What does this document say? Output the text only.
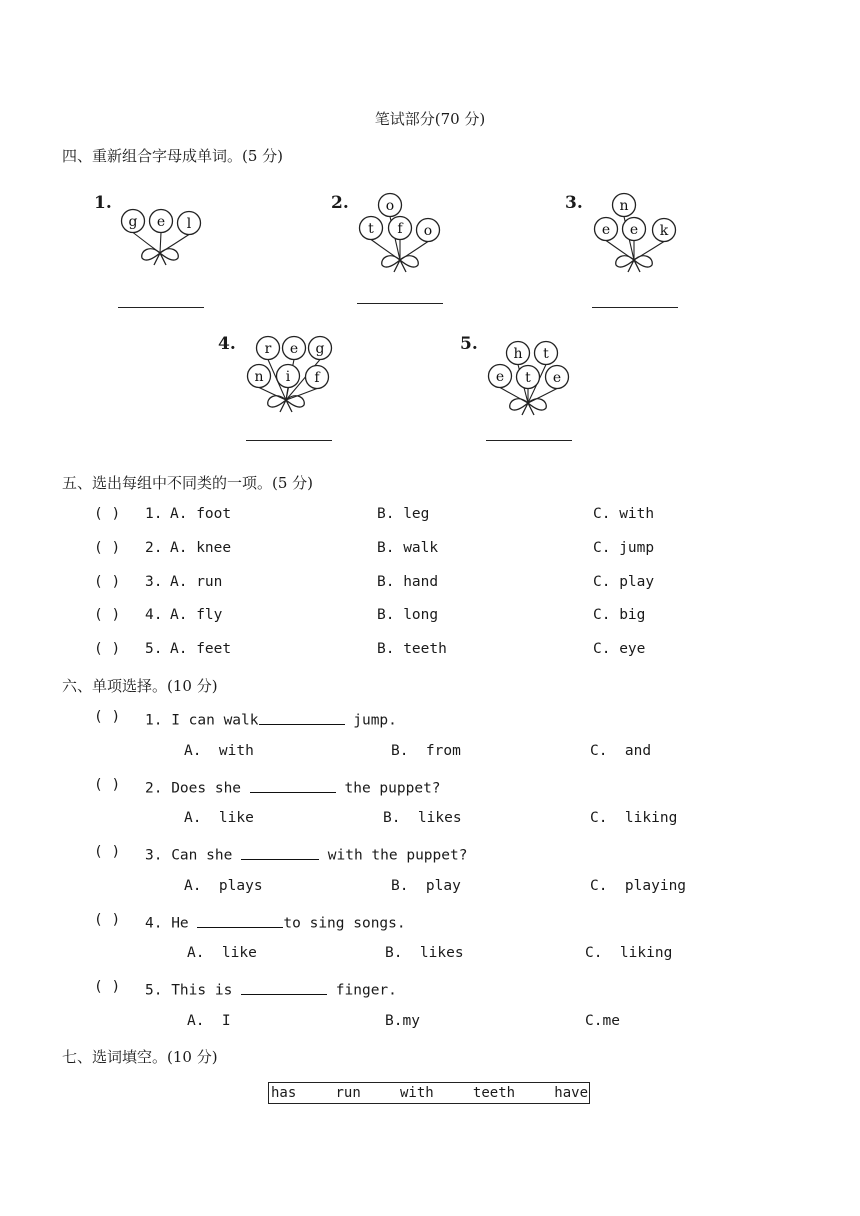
笔试部分(70 分)
四、重新组合字母成单词。(5 分)
1.	2.	3.
4.	5.
g e l
o
t f o
n
e e k
r e g
n i f
h t
e t e
五、选出每组中不同类的一项。(5 分)
( ) 1. A. foot	B. leg	C. with
( ) 2. A. knee	B. walk	C. jump
( ) 3. A. run	B. hand	C. play
( ) 4. A. fly	B. long	C. big
( ) 5. A. feet	B. teeth	C. eye
六、单项选择。(10 分)
( ) 1. I can walk	jump.
A.  with	B.  from	C.  and
( ) 2. Does she	the puppet?
A.  like	B.  likes	C.  liking
( ) 3. Can she	with the puppet?
A.  plays	B.  play	C.  playing
( ) 4. He	to sing songs.
A.  like	B.  likes	C.  liking
( ) 5. This is	finger.
A.  I	B.my	C.me
七、选词填空。(10 分)
has	run	with	teeth	have
